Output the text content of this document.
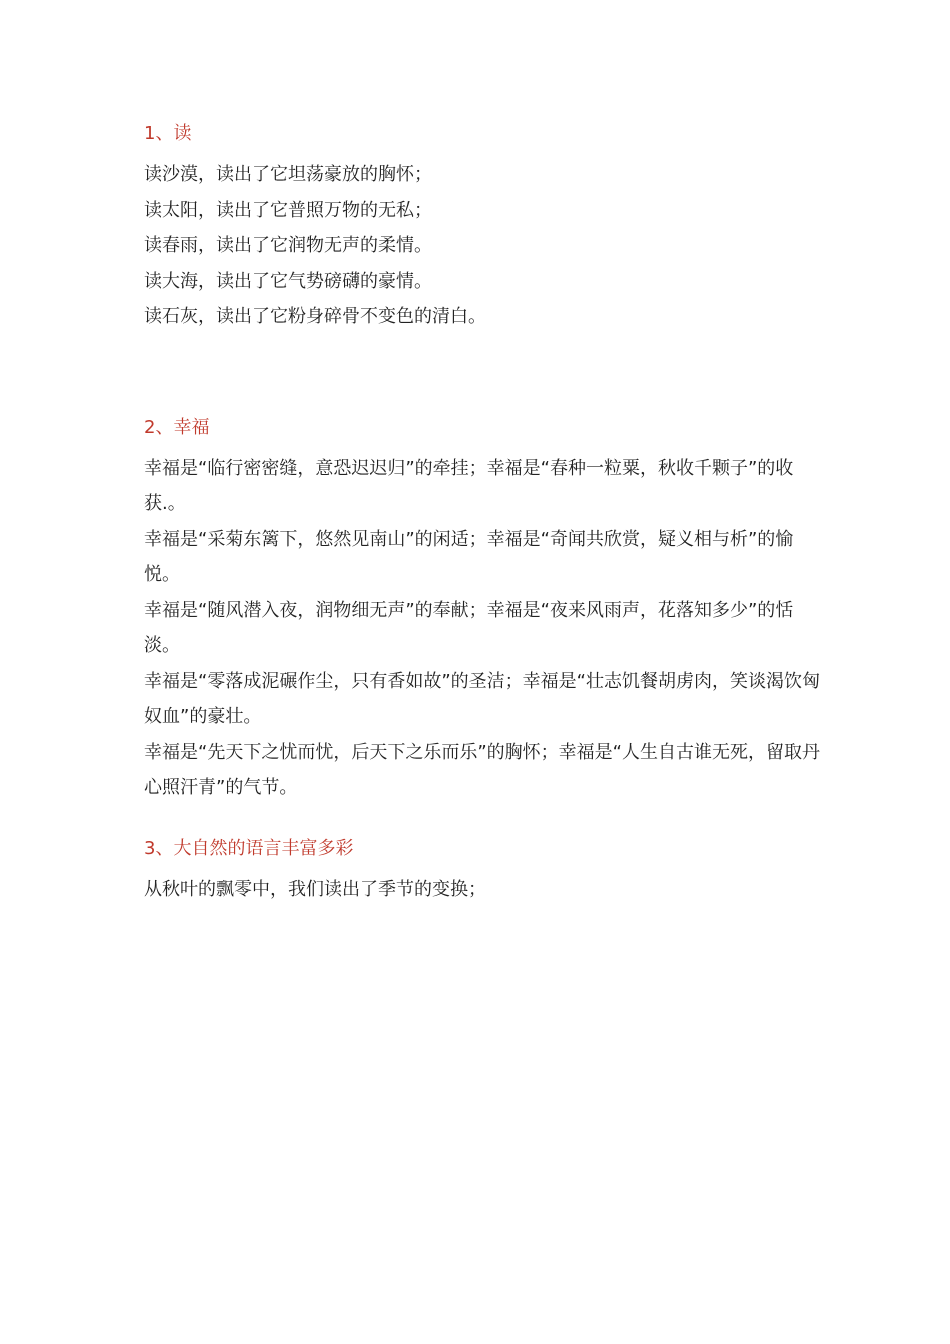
1、读

读沙漠，读出了它坦荡豪放的胸怀；

读太阳，读出了它普照万物的无私；

读春雨，读出了它润物无声的柔情。

读大海，读出了它气势磅礴的豪情。

读石灰，读出了它粉身碎骨不变色的清白。

2、幸福

幸福是“临行密密缝，意恐迟迟归”的牵挂；幸福是“春种一粒粟，秋收千颗子”的收获.。

幸福是“采菊东篱下，悠然见南山”的闲适；幸福是“奇闻共欣赏，疑义相与析”的愉悦。

幸福是“随风潜入夜，润物细无声”的奉献；幸福是“夜来风雨声，花落知多少”的恬淡。

幸福是“零落成泥碾作尘，只有香如故”的圣洁；幸福是“壮志饥餐胡虏肉，笑谈渴饮匈奴血”的豪壮。

幸福是“先天下之忧而忧，后天下之乐而乐”的胸怀；幸福是“人生自古谁无死，留取丹心照汗青”的气节。

3、大自然的语言丰富多彩

从秋叶的飘零中，我们读出了季节的变换；
